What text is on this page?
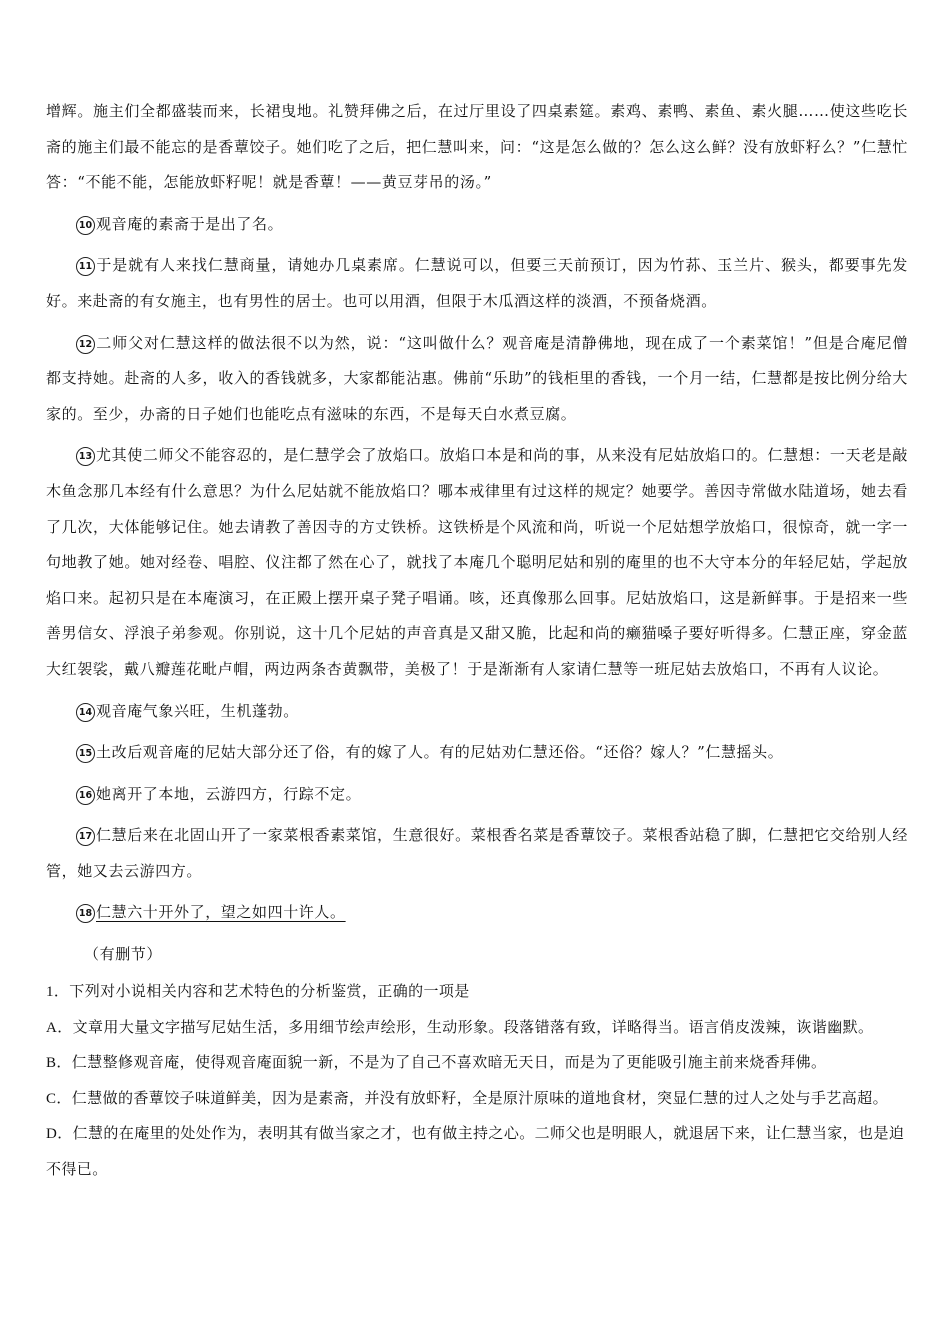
增辉。施主们全都盛装而来，长裙曳地。礼赞拜佛之后，在过厅里设了四桌素筵。素鸡、素鸭、素鱼、素火腿……使这些吃长斋的施主们最不能忘的是香蕈饺子。她们吃了之后，把仁慧叫来，问：“这是怎么做的？怎么这么鲜？没有放虾籽么？”仁慧忙答：“不能不能，怎能放虾籽呢！就是香蕈！——黄豆芽吊的汤。”

10 观音庵的素斋于是出了名。

11 于是就有人来找仁慧商量，请她办几桌素席。仁慧说可以，但要三天前预订，因为竹荪、玉兰片、猴头，都要事先发好。来赴斋的有女施主，也有男性的居士。也可以用酒，但限于木瓜酒这样的淡酒，不预备烧酒。

12 二师父对仁慧这样的做法很不以为然，说：“这叫做什么？观音庵是清静佛地，现在成了一个素菜馆！”但是合庵尼僧都支持她。赴斋的人多，收入的香钱就多，大家都能沾惠。佛前“乐助”的钱柜里的香钱，一个月一结，仁慧都是按比例分给大家的。至少，办斋的日子她们也能吃点有滋味的东西，不是每天白水煮豆腐。

13 尤其使二师父不能容忍的，是仁慧学会了放焰口。放焰口本是和尚的事，从来没有尼姑放焰口的。仁慧想：一天老是敲木鱼念那几本经有什么意思？为什么尼姑就不能放焰口？哪本戒律里有过这样的规定？她要学。善因寺常做水陆道场，她去看了几次，大体能够记住。她去请教了善因寺的方丈铁桥。这铁桥是个风流和尚，听说一个尼姑想学放焰口，很惊奇，就一字一句地教了她。她对经卷、唱腔、仪注都了然在心了，就找了本庵几个聪明尼姑和别的庵里的也不大守本分的年轻尼姑，学起放焰口来。起初只是在本庵演习，在正殿上摆开桌子凳子唱诵。咳，还真像那么回事。尼姑放焰口，这是新鲜事。于是招来一些善男信女、浮浪子弟参观。你别说，这十几个尼姑的声音真是又甜又脆，比起和尚的癞猫嗓子要好听得多。仁慧正座，穿金蓝大红袈裟，戴八瓣莲花毗卢帽，两边两条杏黄飘带，美极了！于是渐渐有人家请仁慧等一班尼姑去放焰口，不再有人议论。

14 观音庵气象兴旺，生机蓬勃。

15 土改后观音庵的尼姑大部分还了俗，有的嫁了人。有的尼姑劝仁慧还俗。“还俗？嫁人？”仁慧摇头。

16 她离开了本地，云游四方，行踪不定。

17 仁慧后来在北固山开了一家菜根香素菜馆，生意很好。菜根香名菜是香蕈饺子。菜根香站稳了脚，仁慧把它交给别人经管，她又去云游四方。

18 仁慧六十开外了，望之如四十许人。

（有删节）

1．下列对小说相关内容和艺术特色的分析鉴赏，正确的一项是

A．文章用大量文字描写尼姑生活，多用细节绘声绘形，生动形象。段落错落有致，详略得当。语言俏皮泼辣，诙谐幽默。

B．仁慧整修观音庵，使得观音庵面貌一新，不是为了自己不喜欢暗无天日，而是为了更能吸引施主前来烧香拜佛。

C．仁慧做的香蕈饺子味道鲜美，因为是素斋，并没有放虾籽，全是原汁原味的道地食材，突显仁慧的过人之处与手艺高超。

D．仁慧的在庵里的处处作为，表明其有做当家之才，也有做主持之心。二师父也是明眼人，就退居下来，让仁慧当家，也是迫不得已。
